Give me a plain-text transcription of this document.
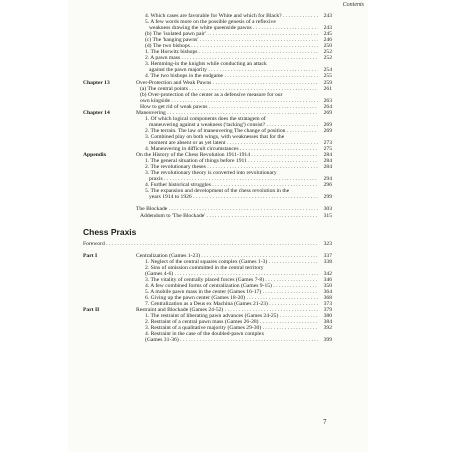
Contents
4. Which cases are favorable for White and which for Black? . . .	243
5. A few words more on the possible genesis of a reflexive
weakness drawing the white queenside pawns . . .	243
(b) The 'isolated pawn pair' . . .	245
(c) The 'hanging pawns' . . .	246
(d) The two bishops . . .	250
1. The Horwitz bishops . . .	252
2. A pawn mass . . .	252
3. Hemming-in the knights while conducting an attack
against the pawn majority . . .	254
4. The two bishops in the endgame . . .	255
Chapter 13	Over-Protection and Weak Pawns . . .	259
(a) The central points . . .	261
(b) Over-protection of the center as a defensive measure for our
own kingside . . .	263
How to get rid of weak pawns . . .	264
Chapter 14	Maneuvering . . .	269
1. Of which logical components does the stratagem of
maneuvering against a weakness ('tacking') consist? . . .	269
2. The terrain. The law of maneuvering The change of position . . .	269
3. Combined play on both wings, with weaknesses that for the
moment are absent or as yet latent . . .	273
4. Maneuvering in difficult circumstances . . .	275
Appendix	On the History of the Chess Revolution 1911-1914 . . .	284
1. The general situation of things before 1911 . . .	284
2. The revolutionary theses . . .	284
3. The revolutionary theory is converted into revolutionary
praxis . . .	294
4. Further historical struggles . . .	296
5. The expansion and development of the chess revolution in the
years 1914 to 1926 . . .	299
The Blockade . . .	303
Addendum to 'The Blockade' . . .	315
Chess Praxis
Foreword . . .	323
Part I	Centralization (Games 1-23) . . .	337
1. Neglect of the central squares complex (Games 1-3) . . .	338
2. Sins of omission committed in the central territory
(Games 4-6) . . .	342
3. The vitality of centrally placed forces (Games 7-8) . . .	346
4. A few combined forms of centralization (Games 9-15) . . .	350
5. A mobile pawn mass in the center (Games 16-17) . . .	364
6. Giving up the pawn center (Games 18-20) . . .	368
7. Centralization as a Deus ex Machina (Games 21-23) . . .	373
Part II	Restraint and Blockade (Games 24-52) . . .	379
1. The restraint of liberating pawn advances (Games 24-25) . . .	380
2. Restraint of a central pawn mass (Games 26-28) . . .	384
3. Restraint of a qualitative majority (Games 29-30) . . .	392
4. Restraint in the case of the doubled-pawn complex
(Games 31-36) . . .	399
7
